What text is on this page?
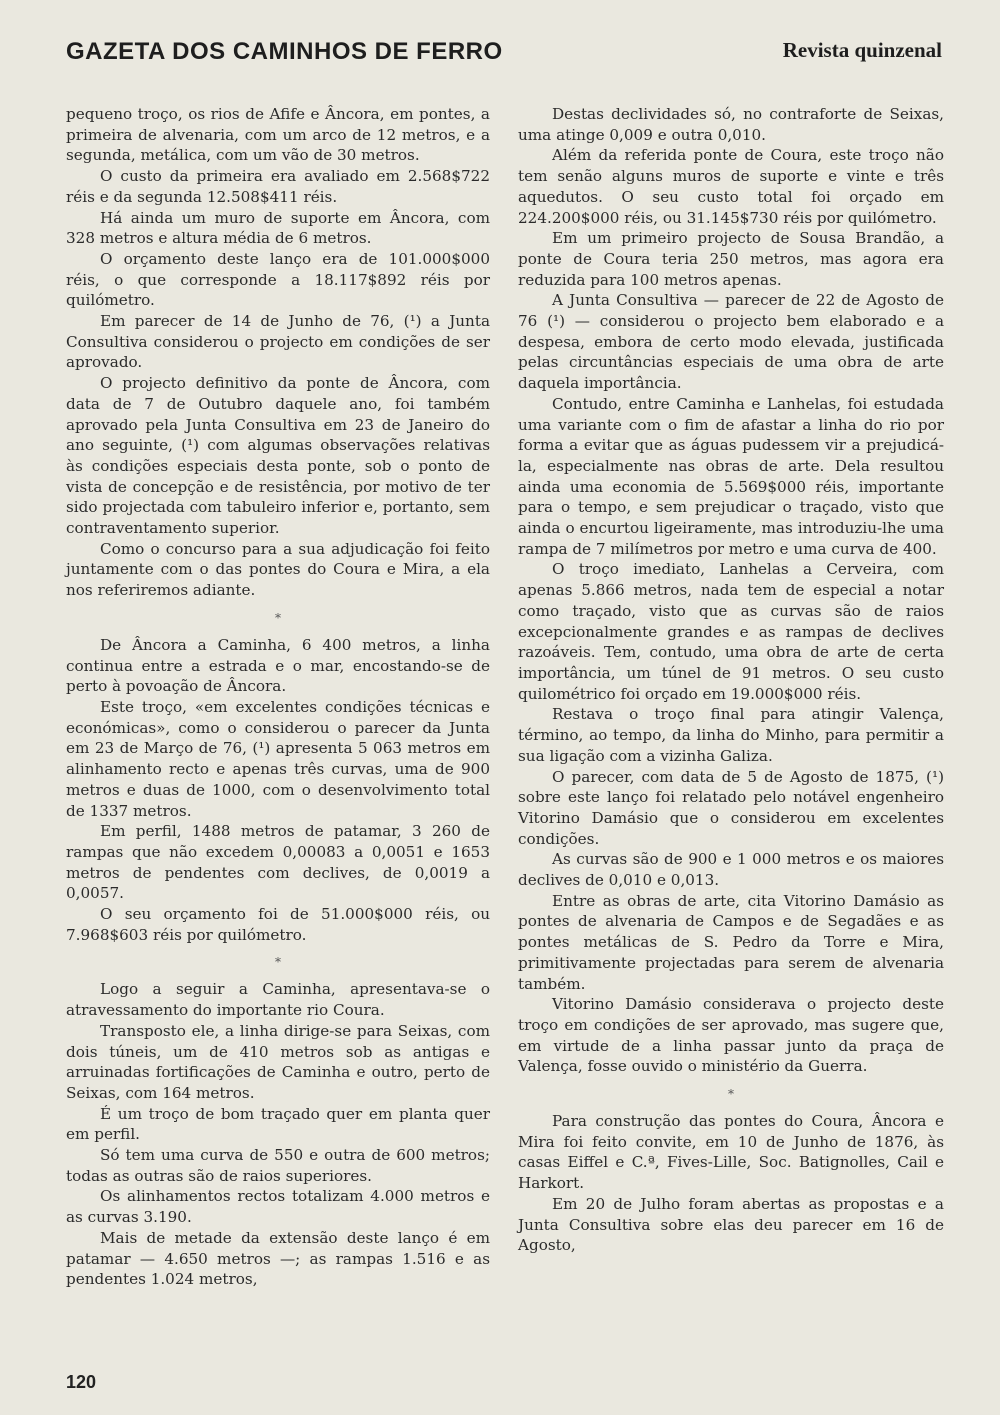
GAZETA DOS CAMINHOS DE FERRO	Revista quinzenal

pequeno troço, os rios de Afife e Âncora, em pontes, a primeira de alvenaria, com um arco de 12 metros, e a segunda, metálica, com um vão de 30 metros.

O custo da primeira era avaliado em 2.568$722 réis e da segunda 12.508$411 réis.

Há ainda um muro de suporte em Âncora, com 328 metros e altura média de 6 metros.

O orçamento deste lanço era de 101.000$000 réis, o que corresponde a 18.117$892 réis por quilómetro.

Em parecer de 14 de Junho de 76, (¹) a Junta Consultiva considerou o projecto em condições de ser aprovado.

O projecto definitivo da ponte de Âncora, com data de 7 de Outubro daquele ano, foi também aprovado pela Junta Consultiva em 23 de Janeiro do ano seguinte, (¹) com algumas observações relativas às condições especiais desta ponte, sob o ponto de vista de concepção e de resistência, por motivo de ter sido projectada com tabuleiro inferior e, portanto, sem contraventamento superior.

Como o concurso para a sua adjudicação foi feito juntamente com o das pontes do Coura e Mira, a ela nos referiremos adiante.

*

De Âncora a Caminha, 6 400 metros, a linha continua entre a estrada e o mar, encostando-se de perto à povoação de Âncora.

Este troço, «em excelentes condições técnicas e económicas», como o considerou o parecer da Junta em 23 de Março de 76, (¹) apresenta 5 063 metros em alinhamento recto e apenas três curvas, uma de 900 metros e duas de 1000, com o desenvolvimento total de 1337 metros.

Em perfil, 1488 metros de patamar, 3 260 de rampas que não excedem 0,00083 a 0,0051 e 1653 metros de pendentes com declives, de 0,0019 a 0,0057.

O seu orçamento foi de 51.000$000 réis, ou 7.968$603 réis por quilómetro.

*

Logo a seguir a Caminha, apresentava-se o atravessamento do importante rio Coura.

Transposto ele, a linha dirige-se para Seixas, com dois túneis, um de 410 metros sob as antigas e arruinadas fortificações de Caminha e outro, perto de Seixas, com 164 metros.

É um troço de bom traçado quer em planta quer em perfil.

Só tem uma curva de 550 e outra de 600 metros; todas as outras são de raios superiores.

Os alinhamentos rectos totalizam 4.000 metros e as curvas 3.190.

Mais de metade da extensão deste lanço é em patamar — 4.650 metros —; as rampas 1.516 e as pendentes 1.024 metros,

Destas declividades só, no contraforte de Seixas, uma atinge 0,009 e outra 0,010.

Além da referida ponte de Coura, este troço não tem senão alguns muros de suporte e vinte e três aquedutos. O seu custo total foi orçado em 224.200$000 réis, ou 31.145$730 réis por quilómetro.

Em um primeiro projecto de Sousa Brandão, a ponte de Coura teria 250 metros, mas agora era reduzida para 100 metros apenas.

A Junta Consultiva — parecer de 22 de Agosto de 76 (¹) — considerou o projecto bem elaborado e a despesa, embora de certo modo elevada, justificada pelas circuntâncias especiais de uma obra de arte daquela importância.

Contudo, entre Caminha e Lanhelas, foi estudada uma variante com o fim de afastar a linha do rio por forma a evitar que as águas pudessem vir a prejudicá-la, especialmente nas obras de arte. Dela resultou ainda uma economia de 5.569$000 réis, importante para o tempo, e sem prejudicar o traçado, visto que ainda o encurtou ligeiramente, mas introduziu-lhe uma rampa de 7 milímetros por metro e uma curva de 400.

O troço imediato, Lanhelas a Cerveira, com apenas 5.866 metros, nada tem de especial a notar como traçado, visto que as curvas são de raios excepcionalmente grandes e as rampas de declives razoáveis. Tem, contudo, uma obra de arte de certa importância, um túnel de 91 metros. O seu custo quilométrico foi orçado em 19.000$000 réis.

Restava o troço final para atingir Valença, término, ao tempo, da linha do Minho, para permitir a sua ligação com a vizinha Galiza.

O parecer, com data de 5 de Agosto de 1875, (¹) sobre este lanço foi relatado pelo notável engenheiro Vitorino Damásio que o considerou em excelentes condições.

As curvas são de 900 e 1 000 metros e os maiores declives de 0,010 e 0,013.

Entre as obras de arte, cita Vitorino Damásio as pontes de alvenaria de Campos e de Segadães e as pontes metálicas de S. Pedro da Torre e Mira, primitivamente projectadas para serem de alvenaria também.

Vitorino Damásio considerava o projecto deste troço em condições de ser aprovado, mas sugere que, em virtude de a linha passar junto da praça de Valença, fosse ouvido o ministério da Guerra.

*

Para construção das pontes do Coura, Âncora e Mira foi feito convite, em 10 de Junho de 1876, às casas Eiffel e C.ª, Fives-Lille, Soc. Batignolles, Cail e Harkort.

Em 20 de Julho foram abertas as propostas e a Junta Consultiva sobre elas deu parecer em 16 de Agosto,

120
